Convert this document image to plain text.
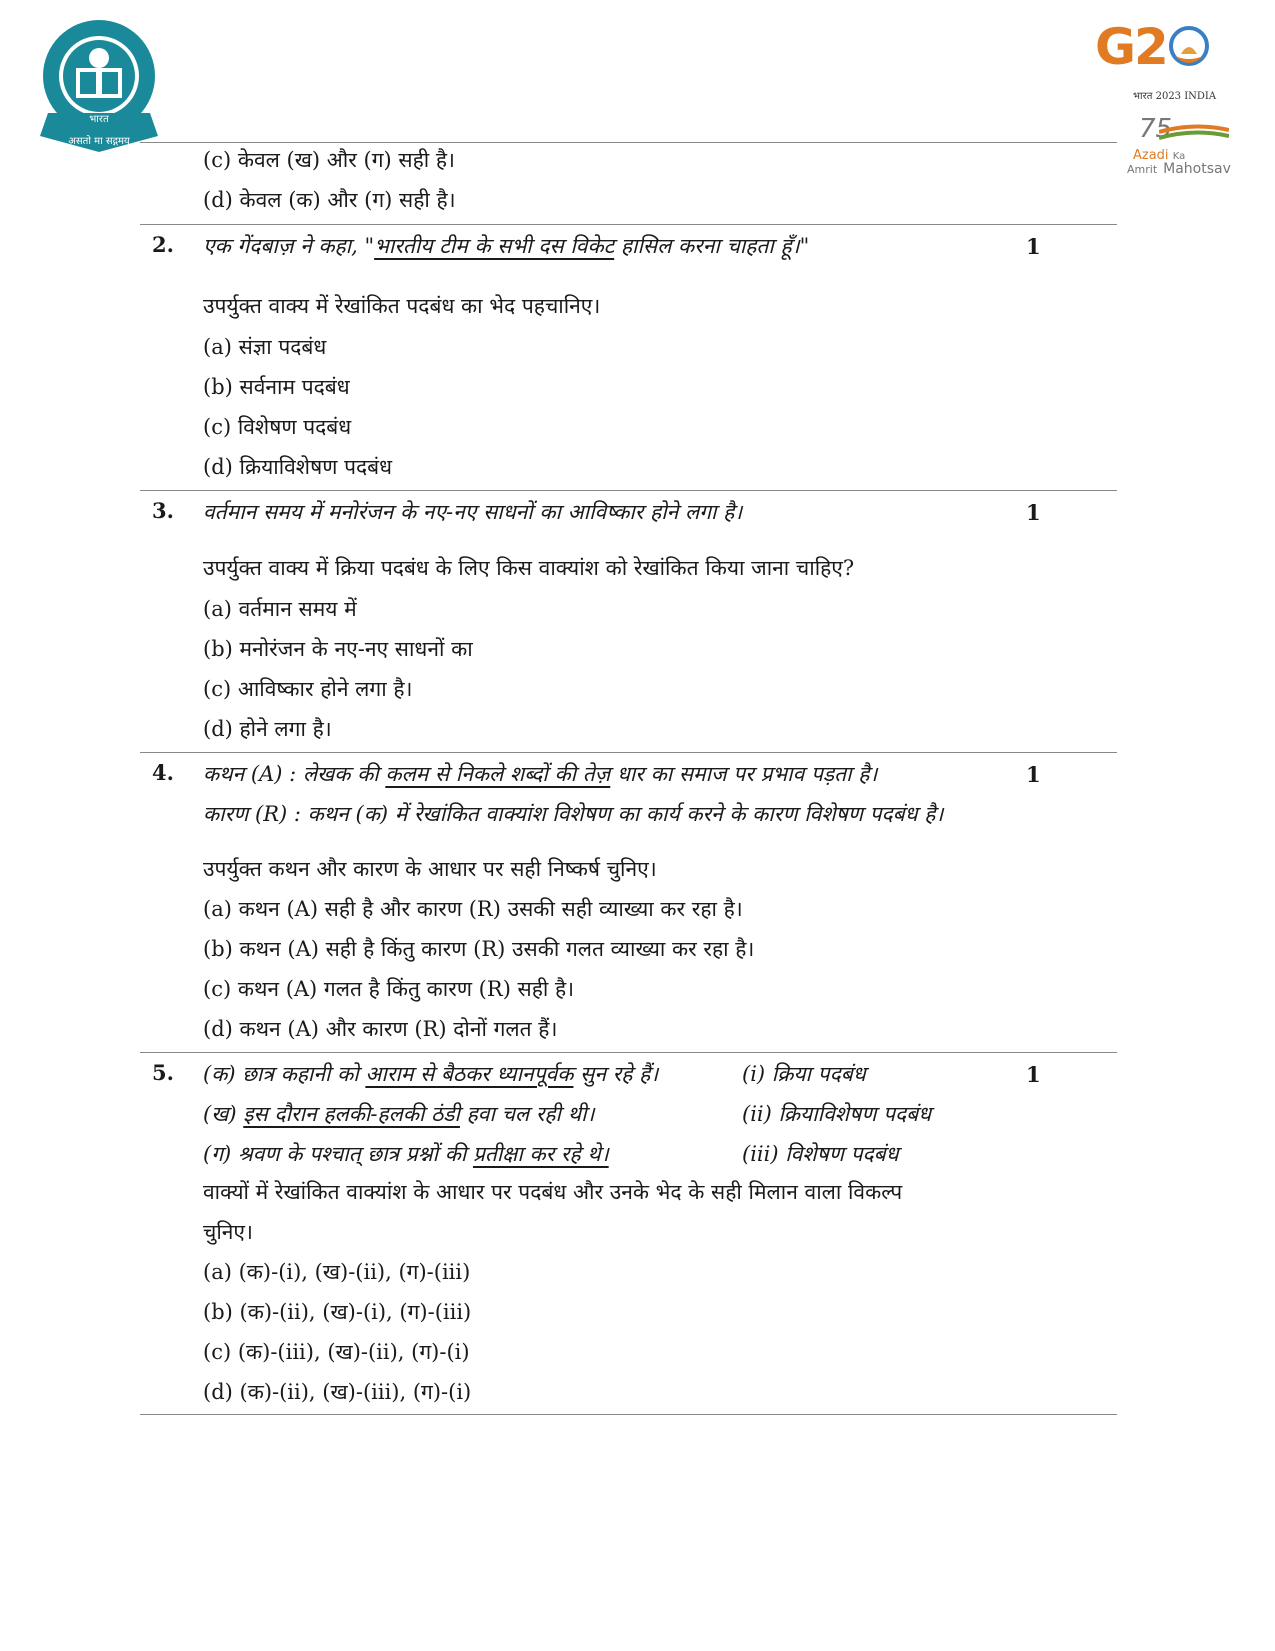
असतो मा सद्गमय
भारत
G2
भारत 2023 INDIA
75
Azadi Ka
Amrit Mahotsav
(c) केवल (ख) और (ग) सही है।
(d) केवल (क) और (ग) सही है।
2.	1
एक गेंदबाज़ ने कहा, "भारतीय टीम के सभी दस विकेट हासिल करना चाहता हूँ।"
उपर्युक्त वाक्य में रेखांकित पदबंध का भेद पहचानिए।
(a) संज्ञा पदबंध
(b) सर्वनाम पदबंध
(c) विशेषण पदबंध
(d) क्रियाविशेषण पदबंध
3.	1
वर्तमान समय में मनोरंजन के नए-नए साधनों का आविष्कार होने लगा है।
उपर्युक्त वाक्य में क्रिया पदबंध के लिए किस वाक्यांश को रेखांकित किया जाना चाहिए?
(a) वर्तमान समय में
(b) मनोरंजन के नए-नए साधनों का
(c) आविष्कार होने लगा है।
(d) होने लगा है।
4.	1
कथन (A) : लेखक की कलम से निकले शब्दों की तेज़ धार का समाज पर प्रभाव पड़ता है।
कारण (R) : कथन (क) में रेखांकित वाक्यांश विशेषण का कार्य करने के कारण विशेषण पदबंध है।
उपर्युक्त कथन और कारण के आधार पर सही निष्कर्ष चुनिए।
(a) कथन (A) सही है और कारण (R) उसकी सही व्याख्या कर रहा है।
(b) कथन (A) सही है किंतु कारण (R) उसकी गलत व्याख्या कर रहा है।
(c) कथन (A) गलत है किंतु कारण (R) सही है।
(d) कथन (A) और कारण (R) दोनों गलत हैं।
5.	1
(क) छात्र कहानी को आराम से बैठकर ध्यानपूर्वक सुन रहे हैं।	(i) क्रिया पदबंध
(ख) इस दौरान हलकी-हलकी ठंडी हवा चल रही थी।	(ii) क्रियाविशेषण पदबंध
(ग) श्रवण के पश्चात् छात्र प्रश्नों की प्रतीक्षा कर रहे थे।	(iii) विशेषण पदबंध
वाक्यों में रेखांकित वाक्यांश के आधार पर पदबंध और उनके भेद के सही मिलान वाला विकल्प
चुनिए।
(a) (क)-(i), (ख)-(ii), (ग)-(iii)
(b) (क)-(ii), (ख)-(i), (ग)-(iii)
(c) (क)-(iii), (ख)-(ii), (ग)-(i)
(d) (क)-(ii), (ख)-(iii), (ग)-(i)
